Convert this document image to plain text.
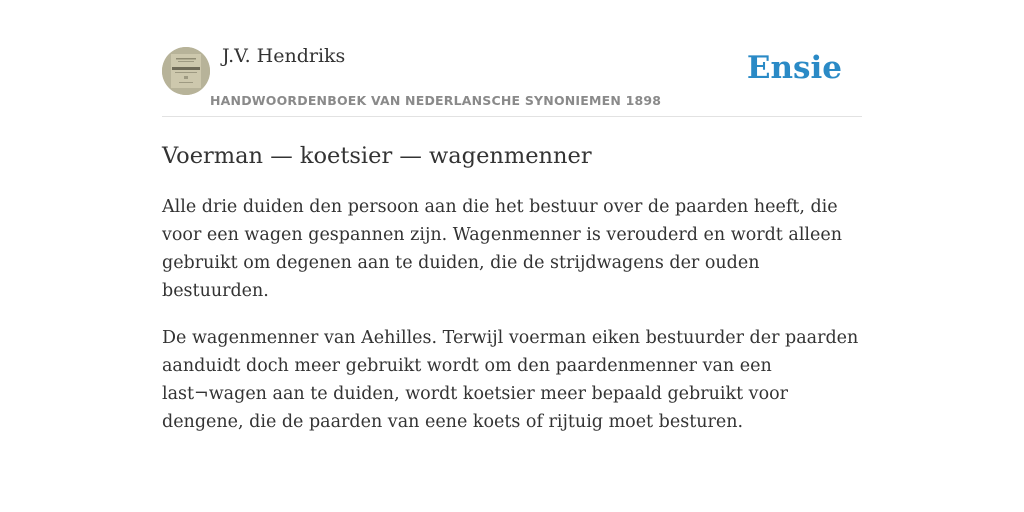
J.V. Hendriks
HANDWOORDENBOEK VAN NEDERLANSCHE SYNONIEMEN 1898
Ensie
Voerman — koetsier — wagenmenner

Alle drie duiden den persoon aan die het bestuur over de paarden heeft, die voor een wagen gespannen zijn. Wagenmenner is verouderd en wordt alleen gebruikt om degenen aan te duiden, die de strijdwagens der ouden bestuurden.

De wagenmenner van Aehilles. Terwijl voerman eiken bestuurder der paarden aanduidt doch meer gebruikt wordt om den paardenmenner van een last¬wagen aan te duiden, wordt koetsier meer bepaald gebruikt voor dengene, die de paarden van eene koets of rijtuig moet besturen.
